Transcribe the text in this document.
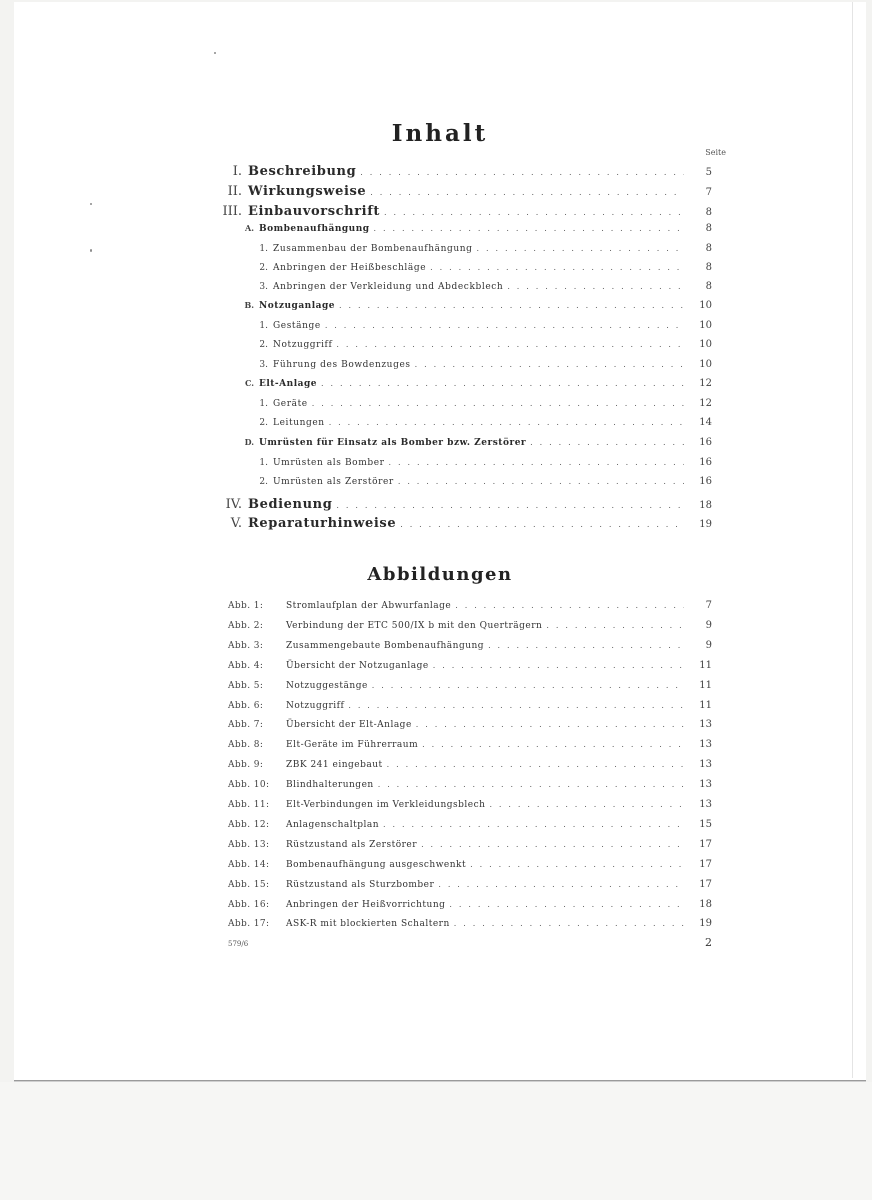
Inhalt
Seite
I. Beschreibung . . .	5
II. Wirkungsweise . . .	7
III. Einbauvorschrift . . .	8
A. Bombenaufhängung . . .	8
1. Zusammenbau der Bombenaufhängung . . .	8
2. Anbringen der Heißbeschläge . . .	8
3. Anbringen der Verkleidung und Abdeckblech . . .	8
B. Notzuganlage . . .	10
1. Gestänge . . .	10
2. Notzuggriff . . .	10
3. Führung des Bowdenzuges . . .	10
C. Elt-Anlage . . .	12
1. Geräte . . .	12
2. Leitungen . . .	14
D. Umrüsten für Einsatz als Bomber bzw. Zerstörer . . .	16
1. Umrüsten als Bomber . . .	16
2. Umrüsten als Zerstörer . . .	16
IV. Bedienung . . .	18
V. Reparaturhinweise . . .	19
Abbildungen
Abb. 1:	Stromlaufplan der Abwurfanlage . . .	7
Abb. 2:	Verbindung der ETC 500/IX b mit den Querträgern . . .	9
Abb. 3:	Zusammengebaute Bombenaufhängung . . .	9
Abb. 4:	Übersicht der Notzuganlage . . .	11
Abb. 5:	Notzuggestänge . . .	11
Abb. 6:	Notzuggriff . . .	11
Abb. 7:	Übersicht der Elt-Anlage . . .	13
Abb. 8:	Elt-Geräte im Führerraum . . .	13
Abb. 9:	ZBK 241 eingebaut . . .	13
Abb. 10:	Blindhalterungen . . .	13
Abb. 11:	Elt-Verbindungen im Verkleidungsblech . . .	13
Abb. 12:	Anlagenschaltplan . . .	15
Abb. 13:	Rüstzustand als Zerstörer . . .	17
Abb. 14:	Bombenaufhängung ausgeschwenkt . . .	17
Abb. 15:	Rüstzustand als Sturzbomber . . .	17
Abb. 16:	Anbringen der Heißvorrichtung . . .	18
Abb. 17:	ASK-R mit blockierten Schaltern . . .	19
579/6	2
